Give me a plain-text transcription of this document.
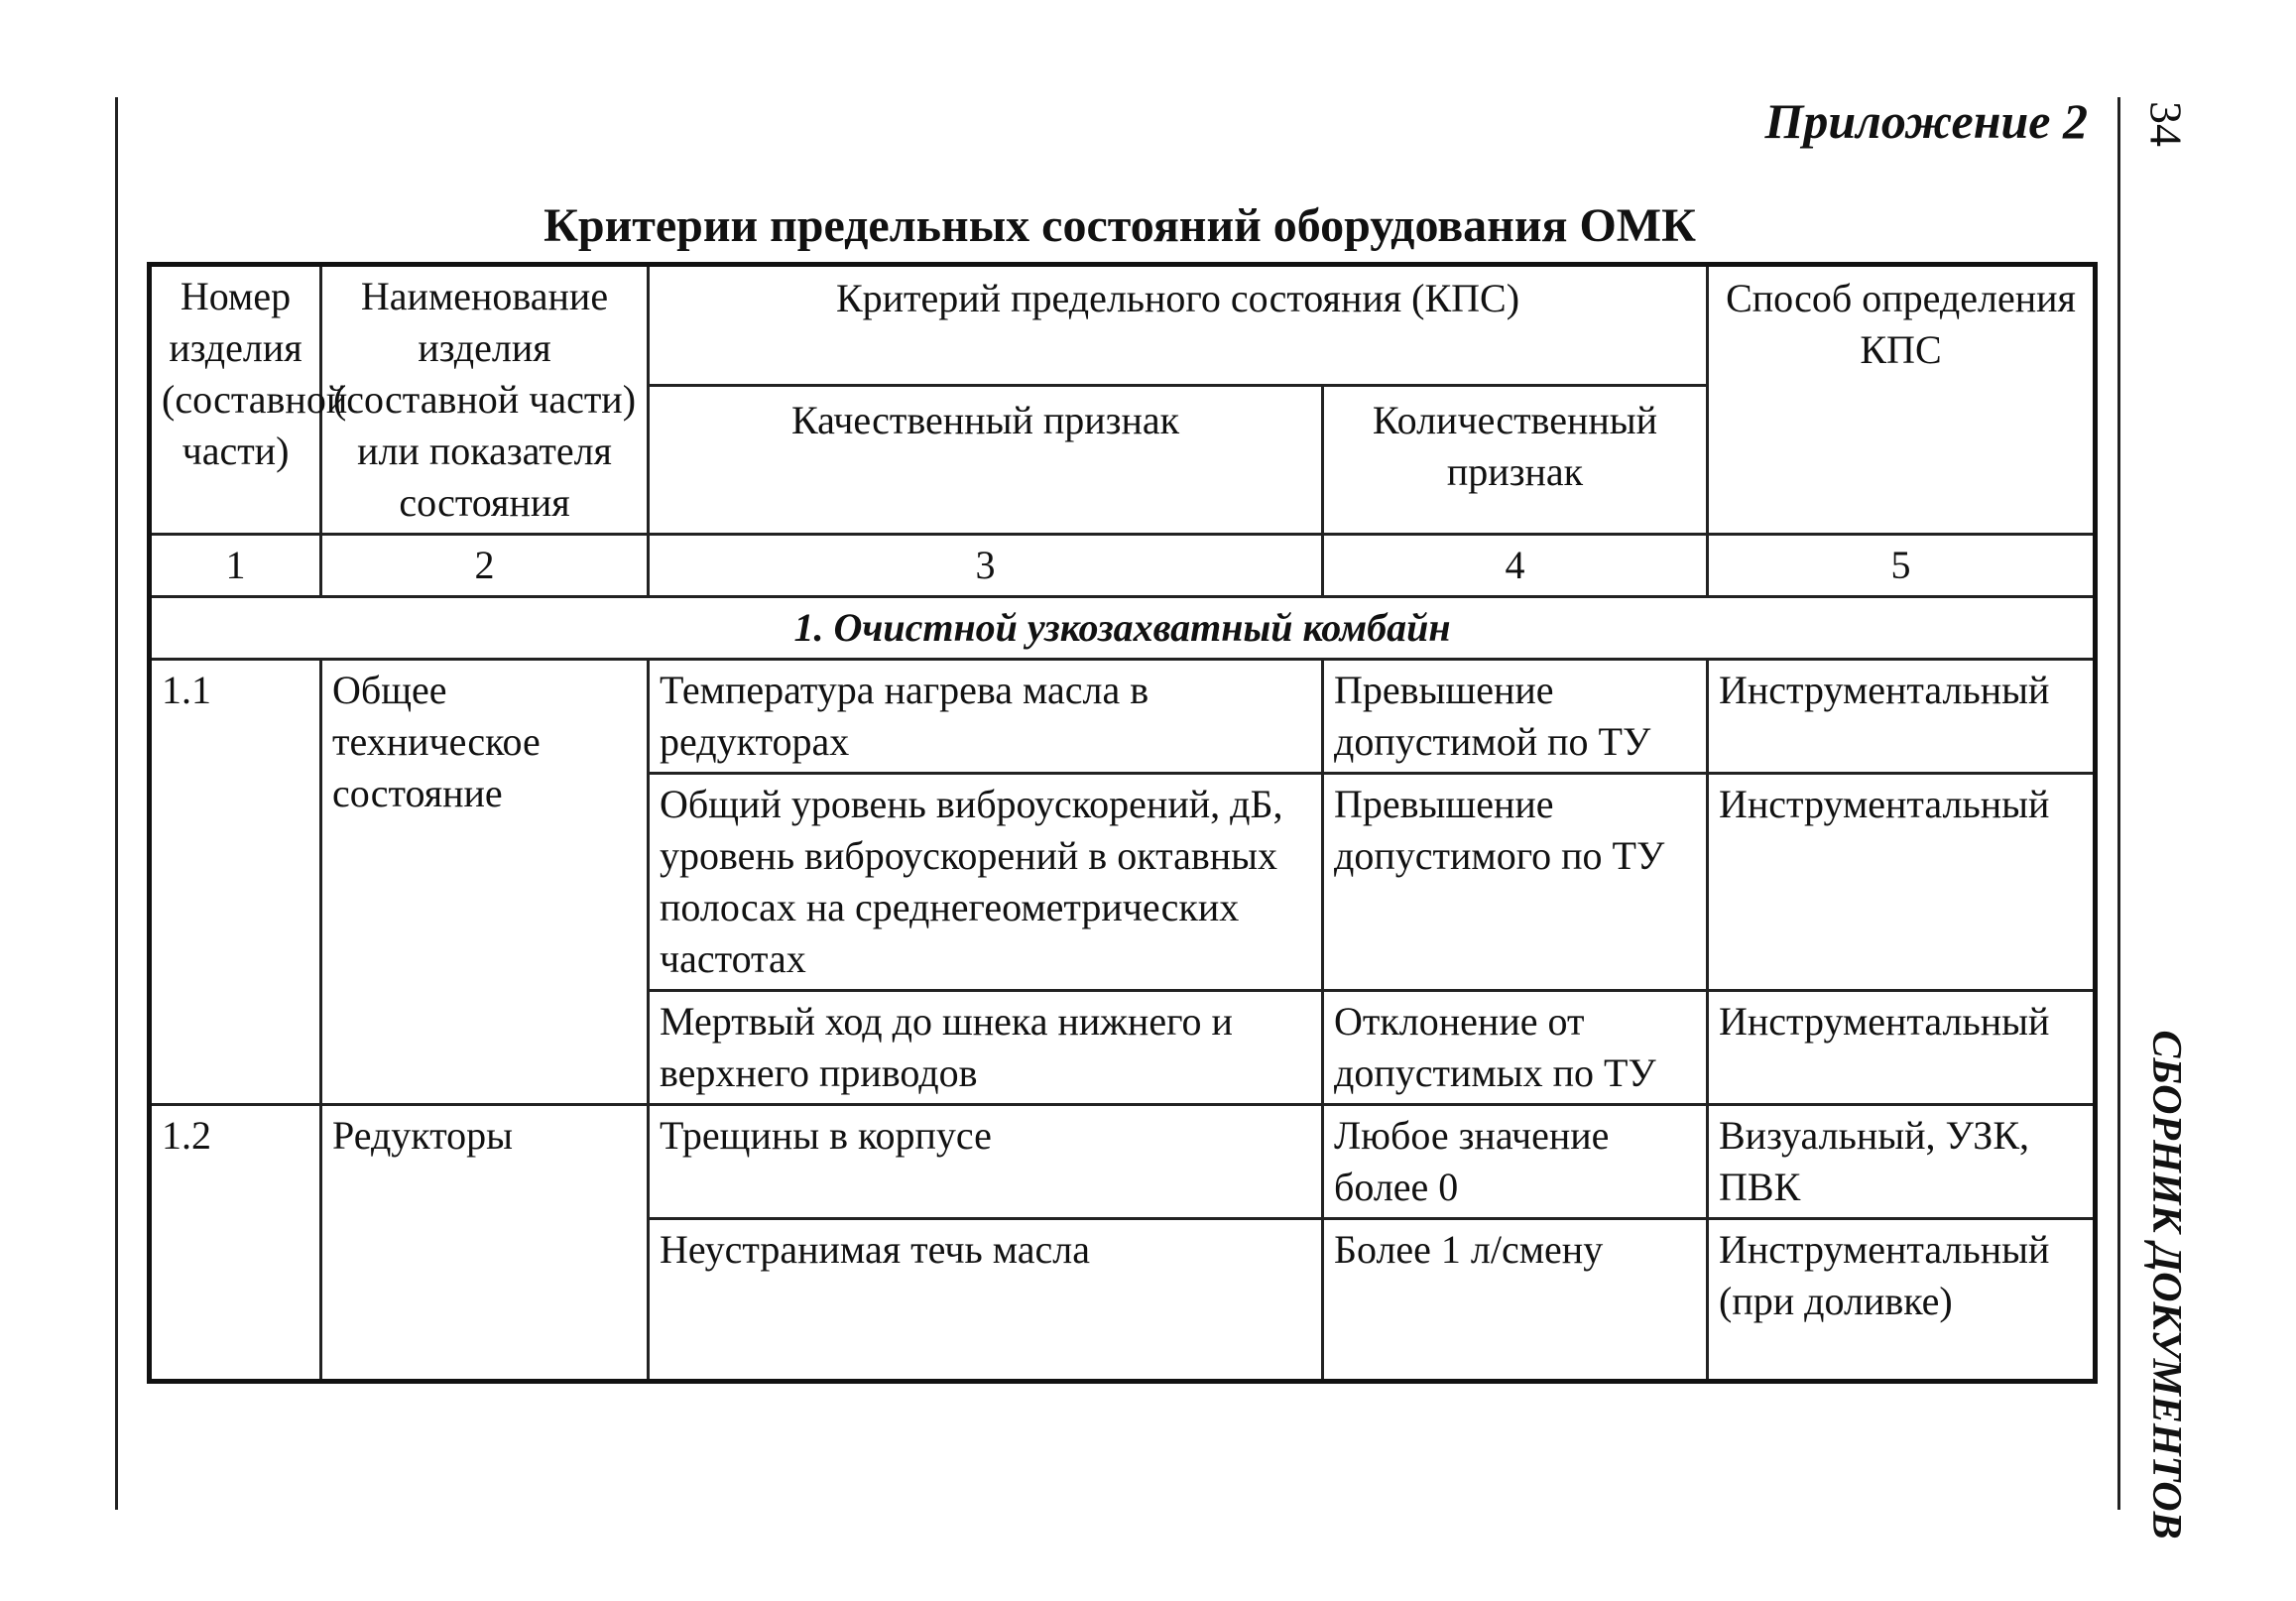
Приложение 2 34
СБОРНИК ДОКУМЕНТОВ
Критерии предельных состояний оборудования ОМК
Номер изделия (составной части)	Наименование изделия (составной части) или показателя состояния	Критерий предельного состояния (КПС)		Способ определения КПС
		Качественный признак	Количественный признак	
1	2	3	4	5
1. Очистной узкозахватный комбайн				
1.1	Общее техническое состояние	Температура нагрева масла в редукторах	Превышение допустимой по ТУ	Инструментальный
		Общий уровень виброускорений, дБ, уровень виброускорений в октавных полосах на среднегеометрических частотах	Превышение допустимого по ТУ	Инструментальный
		Мертвый ход до шнека нижнего и верхнего приводов	Отклонение от допустимых по ТУ	Инструментальный
1.2	Редукторы	Трещины в корпусе	Любое значение более 0	Визуальный, УЗК, ПВК
		Неустранимая течь масла	Более 1 л/смену	Инструментальный (при доливке)
